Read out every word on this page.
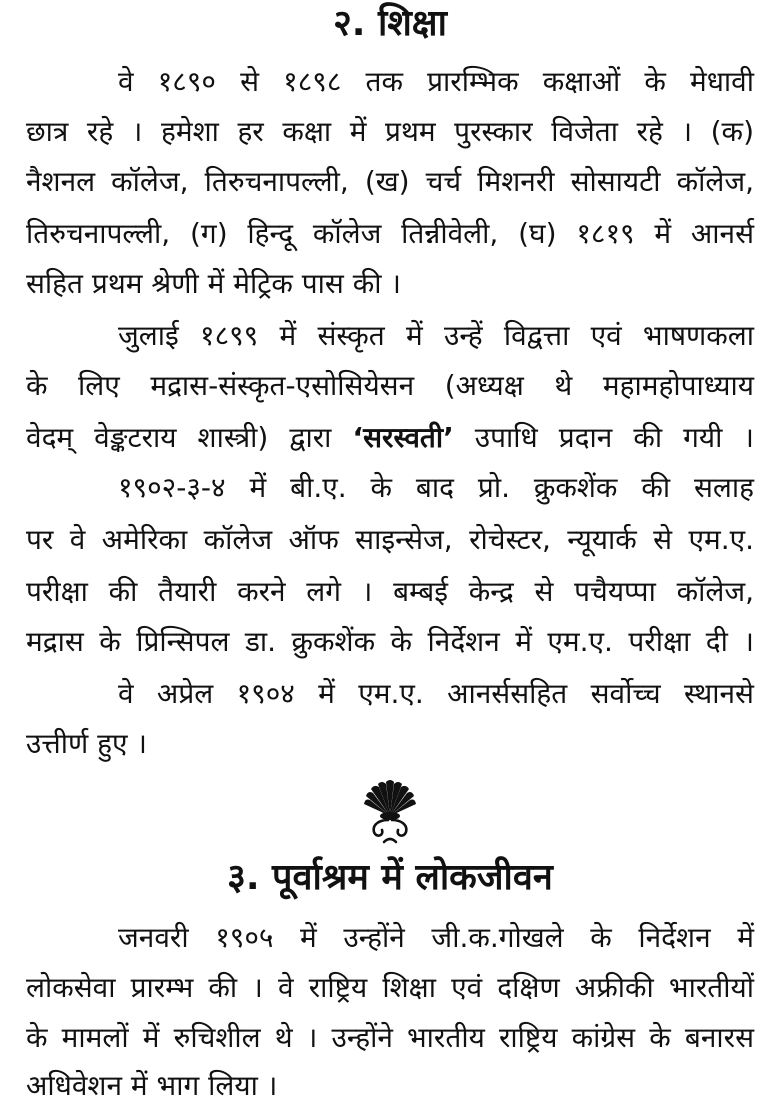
२. शिक्षा
वे १८९० से १८९८ तक प्रारम्भिक कक्षाओं के मेधावी
छात्र रहे । हमेशा हर कक्षा में प्रथम पुरस्कार विजेता रहे । (क)
नैशनल कॉलेज, तिरुचनापल्ली, (ख) चर्च मिशनरी सोसायटी कॉलेज,
तिरुचनापल्ली, (ग) हिन्दू कॉलेज तिन्नीवेली, (घ) १८१९ में आनर्स
सहित प्रथम श्रेणी में मेट्रिक पास की ।
जुलाई १८९९ में संस्कृत में उन्हें विद्वत्ता एवं भाषणकला
के लिए मद्रास-संस्कृत-एसोसियेसन (अध्यक्ष थे महामहोपाध्याय
वेदम् वेङ्कटराय शास्त्री) द्वारा ‘सरस्वती’ उपाधि प्रदान की गयी ।
१९०२-३-४ में बी.ए. के बाद प्रो. क्रुकशेंक की सलाह
पर वे अमेरिका कॉलेज ऑफ साइन्सेज, रोचेस्टर, न्यूयार्क से एम.ए.
परीक्षा की तैयारी करने लगे । बम्बई केन्द्र से पचैयप्पा कॉलेज,
मद्रास के प्रिन्सिपल डा. क्रुकशेंक के निर्देशन में एम.ए. परीक्षा दी ।
वे अप्रेल १९०४ में एम.ए. आनर्ससहित सर्वोच्च स्थानसे
उत्तीर्ण हुए ।
३. पूर्वाश्रम में लोकजीवन
जनवरी १९०५ में उन्होंने जी.क.गोखले के निर्देशन में
लोकसेवा प्रारम्भ की । वे राष्ट्रिय शिक्षा एवं दक्षिण अफ्रीकी भारतीयों
के मामलों में रुचिशील थे । उन्होंने भारतीय राष्ट्रिय कांग्रेस के बनारस
अधिवेशन में भाग लिया ।
